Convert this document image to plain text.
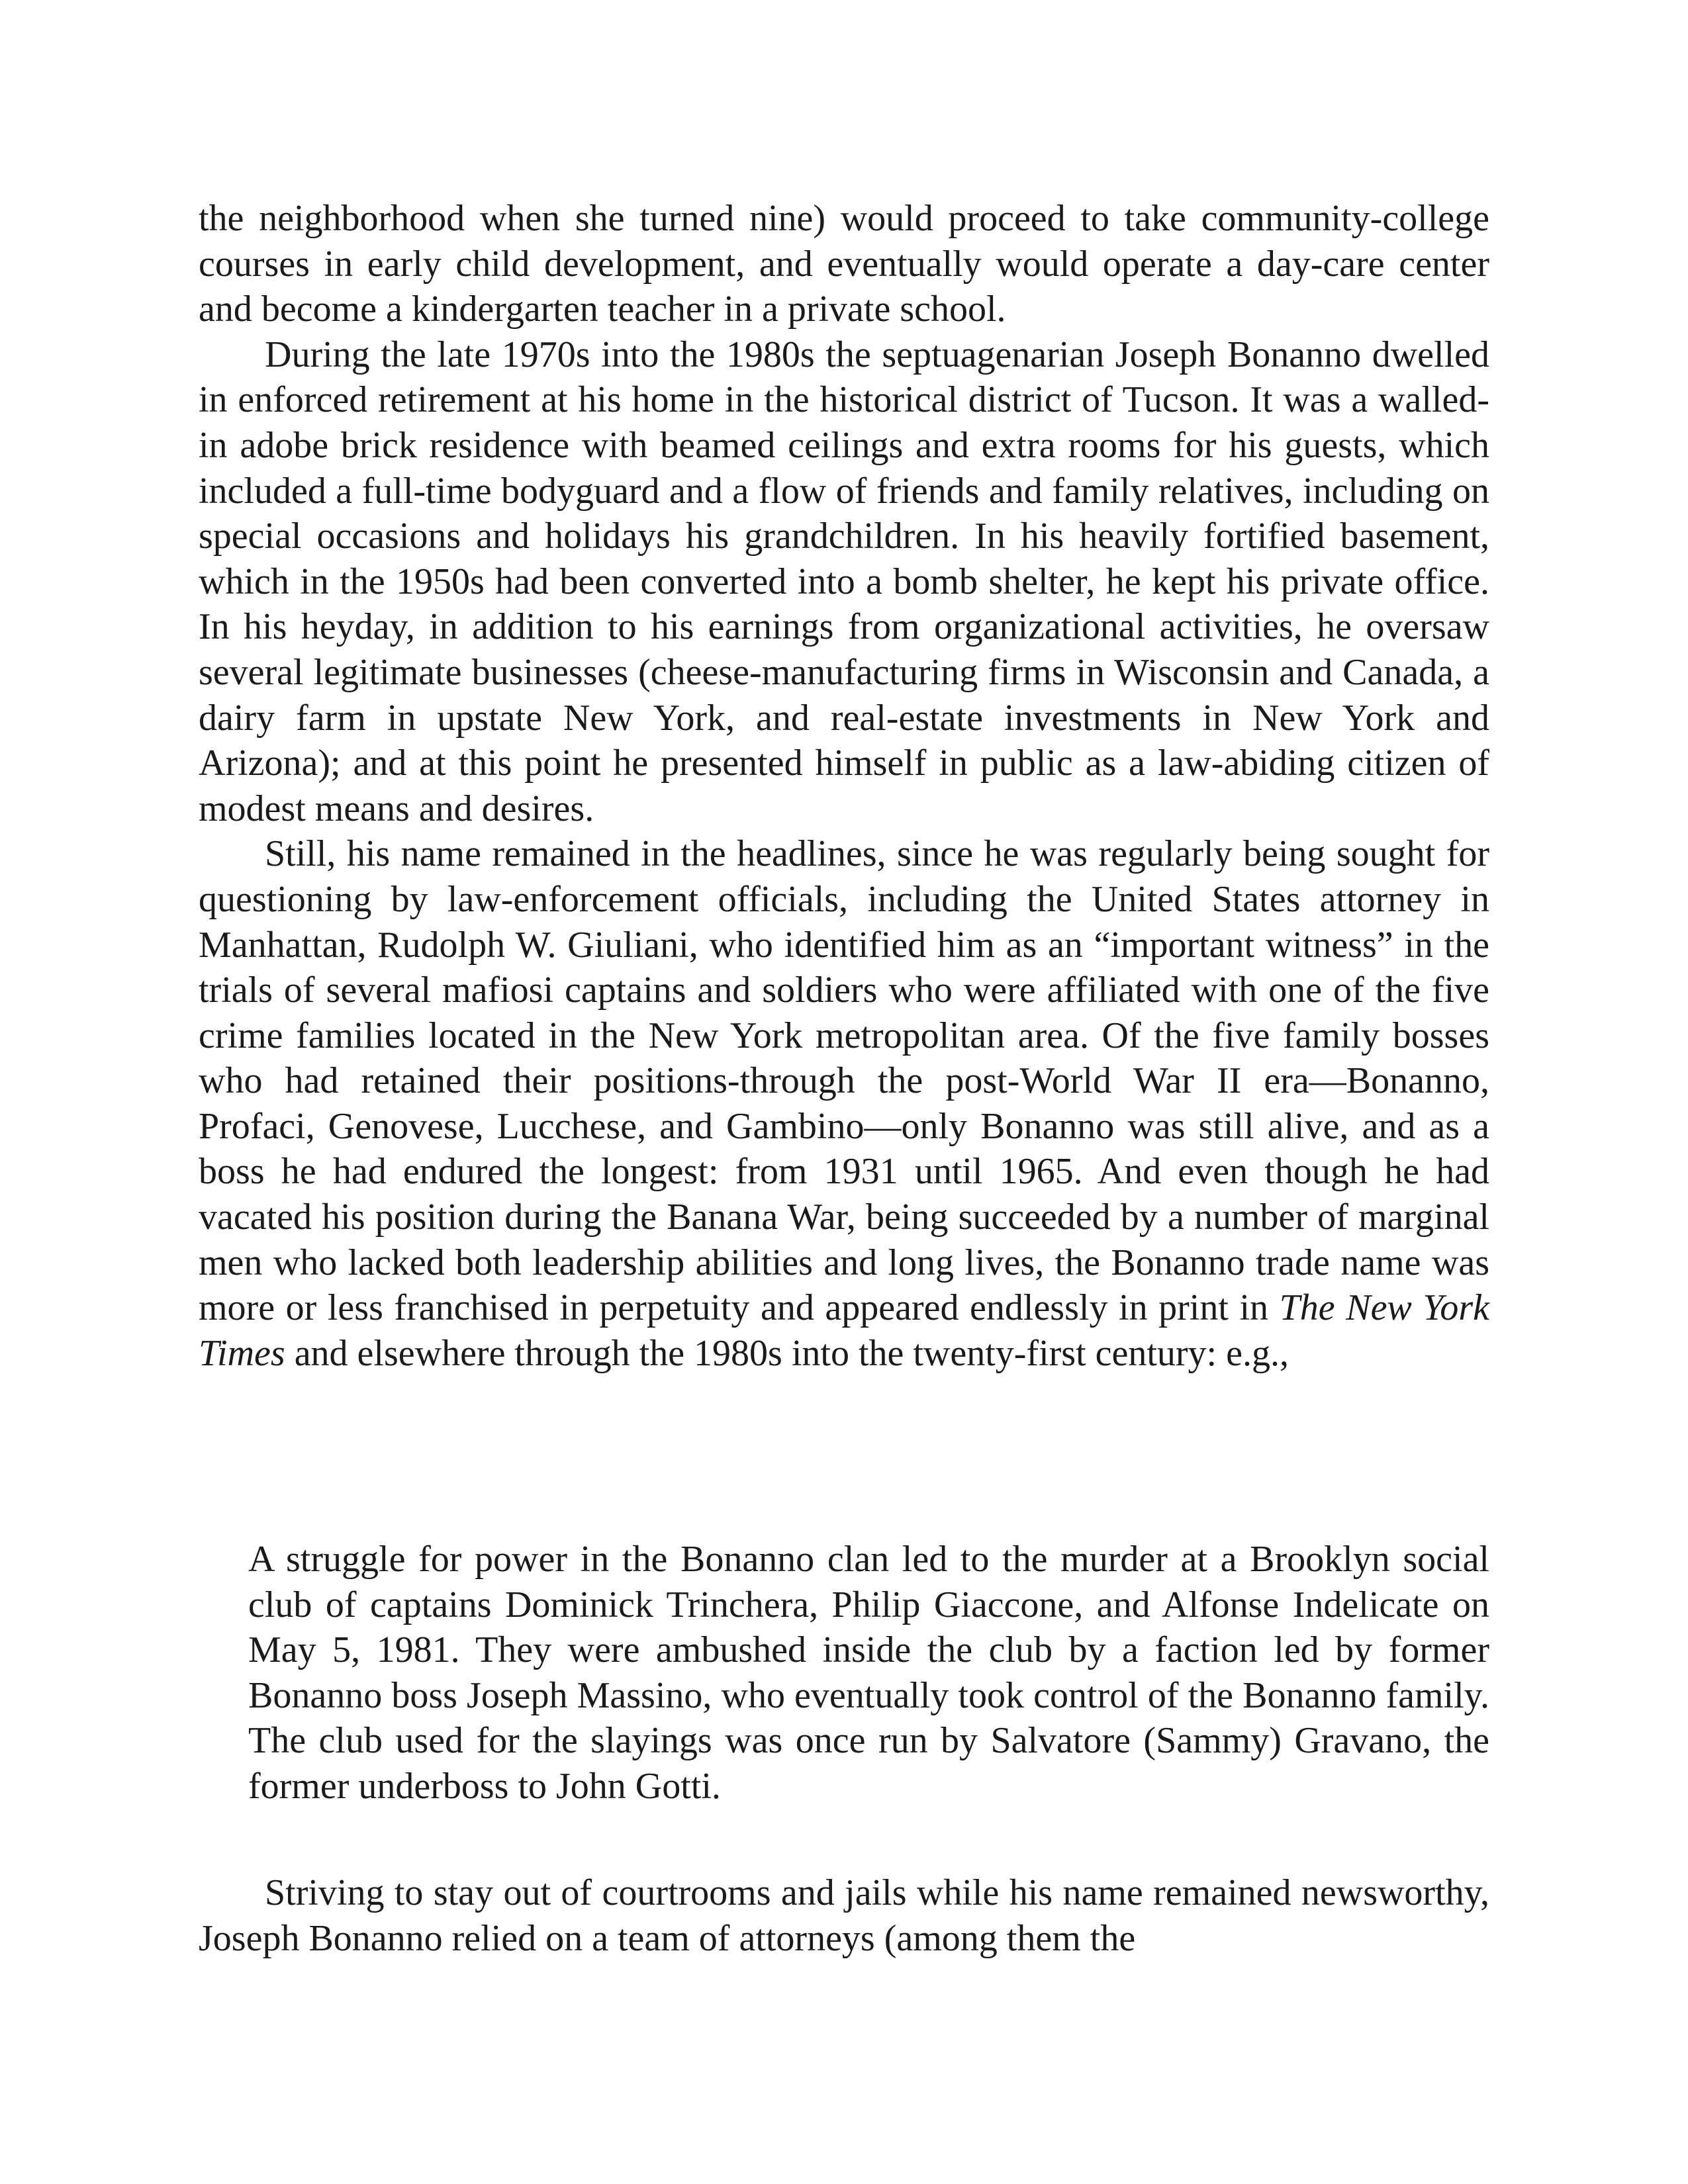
the neighborhood when she turned nine) would proceed to take community-college courses in early child development, and eventually would operate a day-care center and become a kindergarten teacher in a private school.

During the late 1970s into the 1980s the septuagenarian Joseph Bonanno dwelled in enforced retirement at his home in the historical district of Tucson. It was a walled-in adobe brick residence with beamed ceilings and extra rooms for his guests, which included a full-time bodyguard and a flow of friends and family relatives, including on special occasions and holidays his grandchildren. In his heavily fortified basement, which in the 1950s had been converted into a bomb shelter, he kept his private office. In his heyday, in addition to his earnings from organizational activities, he oversaw several legitimate businesses (cheese-manufacturing firms in Wisconsin and Canada, a dairy farm in upstate New York, and real-estate investments in New York and Arizona); and at this point he presented himself in public as a law-abiding citizen of modest means and desires.

Still, his name remained in the headlines, since he was regularly being sought for questioning by law-enforcement officials, including the United States attorney in Manhattan, Rudolph W. Giuliani, who identified him as an “important witness” in the trials of several mafiosi captains and soldiers who were affiliated with one of the five crime families located in the New York metropolitan area. Of the five family bosses who had retained their positions-through the post-World War II era—Bonanno, Profaci, Genovese, Lucchese, and Gambino—only Bonanno was still alive, and as a boss he had endured the longest: from 1931 until 1965. And even though he had vacated his position during the Banana War, being succeeded by a number of marginal men who lacked both leadership abilities and long lives, the Bonanno trade name was more or less franchised in perpetuity and appeared endlessly in print in The New York Times and elsewhere through the 1980s into the twenty-first century: e.g.,

A struggle for power in the Bonanno clan led to the murder at a Brooklyn social club of captains Dominick Trinchera, Philip Giaccone, and Alfonse Indelicate on May 5, 1981. They were ambushed inside the club by a faction led by former Bonanno boss Joseph Massino, who eventually took control of the Bonanno family. The club used for the slayings was once run by Salvatore (Sammy) Gravano, the former underboss to John Gotti.

Striving to stay out of courtrooms and jails while his name remained newsworthy, Joseph Bonanno relied on a team of attorneys (among them the
